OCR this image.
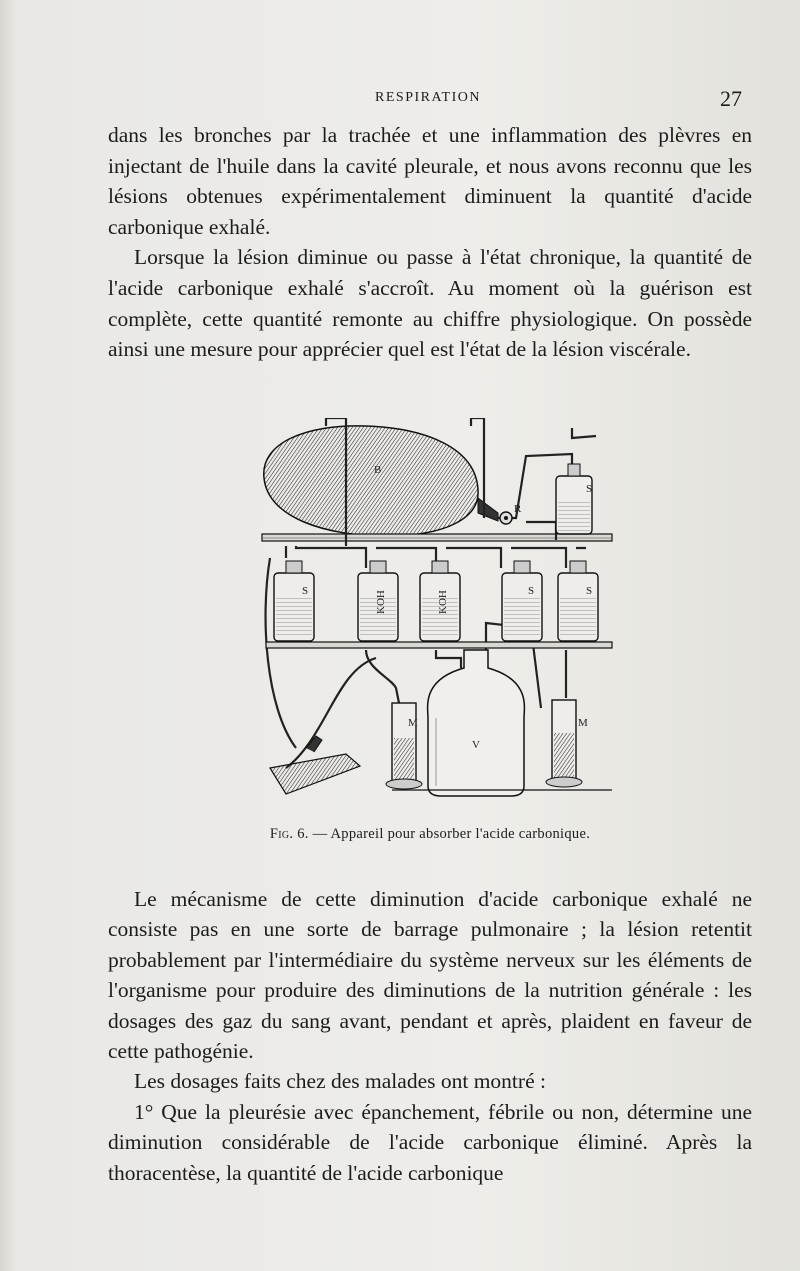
RESPIRATION	27

dans les bronches par la trachée et une inflammation des plèvres en injectant de l'huile dans la cavité pleurale, et nous avons reconnu que les lésions obtenues expérimentalement diminuent la quantité d'acide carbonique exhalé.

Lorsque la lésion diminue ou passe à l'état chronique, la quantité de l'acide carbonique exhalé s'accroît. Au moment où la guérison est complète, cette quantité remonte au chiffre physiologique. On possède ainsi une mesure pour apprécier quel est l'état de la lésion viscérale.

B
R
S
S	KOH	KOH	S	S
V
M	M
Fig. 6. — Appareil pour absorber l'acide carbonique.

Le mécanisme de cette diminution d'acide carbonique exhalé ne consiste pas en une sorte de barrage pulmonaire ; la lésion retentit probablement par l'intermédiaire du système nerveux sur les éléments de l'organisme pour produire des diminutions de la nutrition générale : les dosages des gaz du sang avant, pendant et après, plaident en faveur de cette pathogénie.

Les dosages faits chez des malades ont montré :

1° Que la pleurésie avec épanchement, fébrile ou non, détermine une diminution considérable de l'acide carbonique éliminé. Après la thoracentèse, la quantité de l'acide carbonique
